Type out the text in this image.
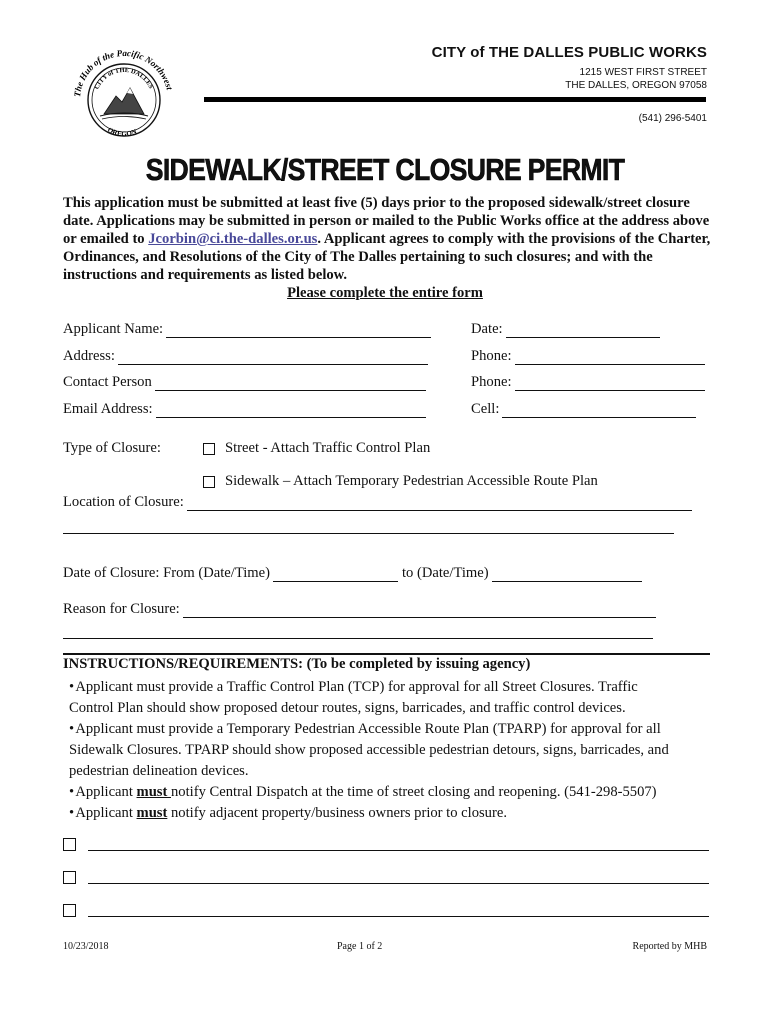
The Hub of the Pacific Northwest
CITY of THE DALLES
OREGON
CITY of THE DALLES PUBLIC WORKS
1215 WEST FIRST STREET
THE DALLES, OREGON 97058
(541) 296-5401
SIDEWALK/STREET CLOSURE PERMIT
This application must be submitted at least five (5) days prior to the proposed sidewalk/street closure date. Applications may be submitted in person or mailed to the Public Works office at the address above or emailed to Jcorbin@ci.the-dalles.or.us. Applicant agrees to comply with the provisions of the Charter, Ordinances, and Resolutions of the City of The Dalles pertaining to such closures; and with the instructions and requirements as listed below.
Please complete the entire form
Applicant Name:	Date:
Address:	Phone:
Contact Person	Phone:
Email Address:	Cell:
Type of Closure:	Street - Attach Traffic Control Plan
Sidewalk – Attach Temporary Pedestrian Accessible Route Plan
Location of Closure:
Date of Closure: From (Date/Time)	to (Date/Time)
Reason for Closure:
INSTRUCTIONS/REQUIREMENTS: (To be completed by issuing agency)
• Applicant must provide a Traffic Control Plan (TCP) for approval for all Street Closures. Traffic
Control Plan should show proposed detour routes, signs, barricades, and traffic control devices.
• Applicant must provide a Temporary Pedestrian Accessible Route Plan (TPARP) for approval for all
Sidewalk Closures. TPARP should show proposed accessible pedestrian detours, signs, barricades, and
pedestrian delineation devices.
• Applicant must notify Central Dispatch at the time of street closing and reopening. (541-298-5507)
• Applicant must notify adjacent property/business owners prior to closure.
10/23/2018	Page 1 of 2	Reported by MHB
